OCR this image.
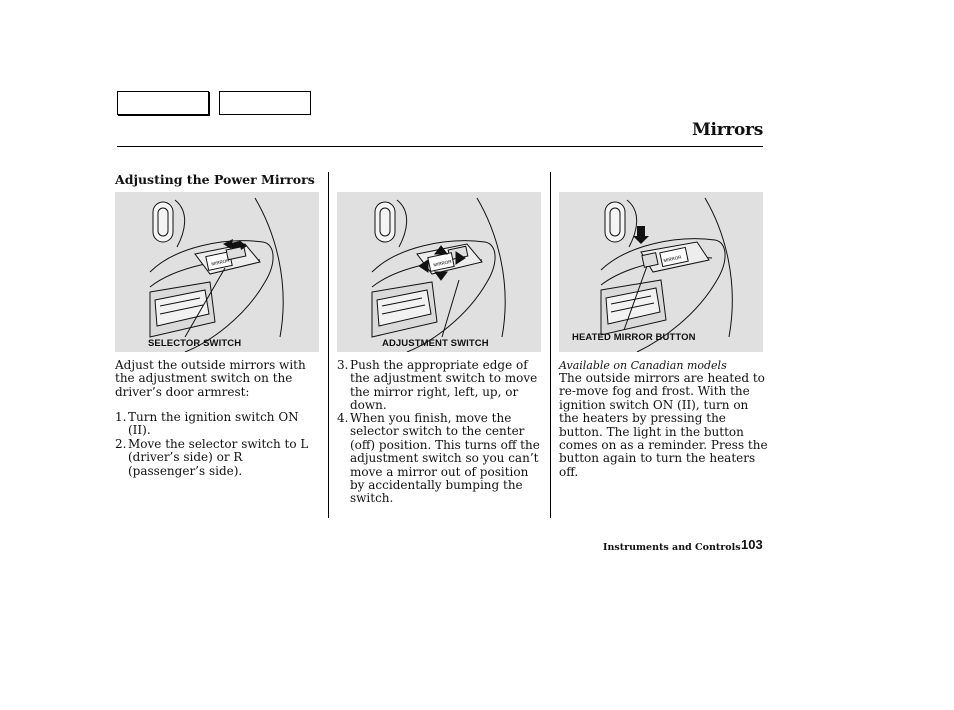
Mirrors
Adjusting the Power Mirrors
MIRROR
SELECTOR SWITCH
MIRROR
ADJUSTMENT SWITCH
MIRROR
HEATED MIRROR BUTTON
Adjust the outside mirrors with the adjustment switch on the driver’s door armrest:
1. Turn the ignition switch ON (II).
2. Move the selector switch to L (driver’s side) or R (passenger’s side).
3. Push the appropriate edge of the adjustment switch to move the mirror right, left, up, or down.
4. When you finish, move the selector switch to the center (off) position. This turns off the adjustment switch so you can’t move a mirror out of position by accidentally bumping the switch.
Available on Canadian models
The outside mirrors are heated to re-move fog and frost. With the ignition switch ON (II), turn on the heaters by pressing the button. The light in the button comes on as a reminder. Press the button again to turn the heaters off.
Instruments and Controls 103
